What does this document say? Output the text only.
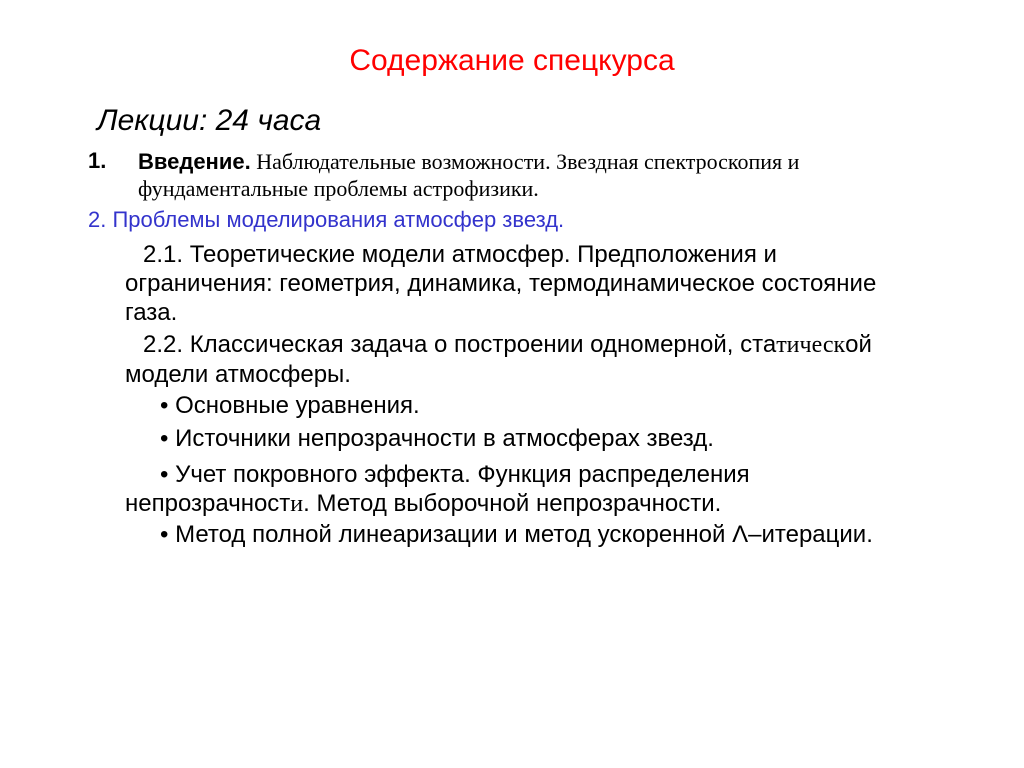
Содержание спецкурса
Лекции: 24 часа
1. Введение. Наблюдательные возможности. Звездная спектроскопия и фундаментальные проблемы астрофизики.
2. Проблемы моделирования атмосфер звезд.
2.1. Теоретические модели атмосфер. Предположения и ограничения: геометрия, динамика, термодинамическое состояние газа.
2.2. Классическая задача о построении одномерной, статической модели атмосферы.
• Основные уравнения.
• Источники непрозрачности в атмосферах звезд.
• Учет покровного эффекта. Функция распределения непрозрачности. Метод выборочной непрозрачности.
• Метод полной линеаризации и метод ускоренной Λ–итерации.
